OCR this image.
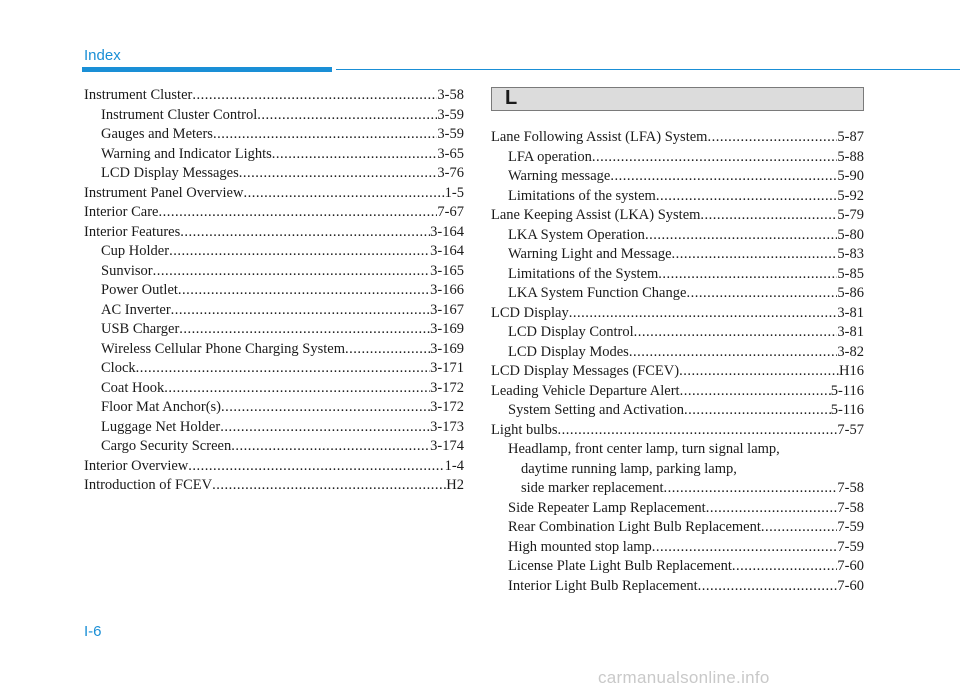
Index
Instrument Cluster .....	3-58
Instrument Cluster Control .....	3-59
Gauges and Meters .....	3-59
Warning and Indicator Lights .....	3-65
LCD Display Messages .....	3-76
Instrument Panel Overview .....	1-5
Interior Care .....	7-67
Interior Features .....	3-164
Cup Holder .....	3-164
Sunvisor .....	3-165
Power Outlet .....	3-166
AC Inverter .....	3-167
USB Charger .....	3-169
Wireless Cellular Phone Charging System .....	3-169
Clock .....	3-171
Coat Hook .....	3-172
Floor Mat Anchor(s) .....	3-172
Luggage Net Holder .....	3-173
Cargo Security Screen .....	3-174
Interior Overview .....	1-4
Introduction of FCEV .....	H2
L
Lane Following Assist (LFA) System .....	5-87
LFA operation .....	5-88
Warning message .....	5-90
Limitations of the system .....	5-92
Lane Keeping Assist (LKA) System .....	5-79
LKA System Operation .....	5-80
Warning Light and Message .....	5-83
Limitations of the System .....	5-85
LKA System Function Change .....	5-86
LCD Display .....	3-81
LCD Display Control .....	3-81
LCD Display Modes .....	3-82
LCD Display Messages (FCEV) .....	H16
Leading Vehicle Departure Alert .....	5-116
System Setting and Activation .....	5-116
Light bulbs .....	7-57
Headlamp, front center lamp, turn signal lamp,
daytime running lamp, parking lamp,
side marker replacement .....	7-58
Side Repeater Lamp Replacement .....	7-58
Rear Combination Light Bulb Replacement .....	7-59
High mounted stop lamp .....	7-59
License Plate Light Bulb Replacement .....	7-60
Interior Light Bulb Replacement .....	7-60
I-6
carmanualsonline.info
